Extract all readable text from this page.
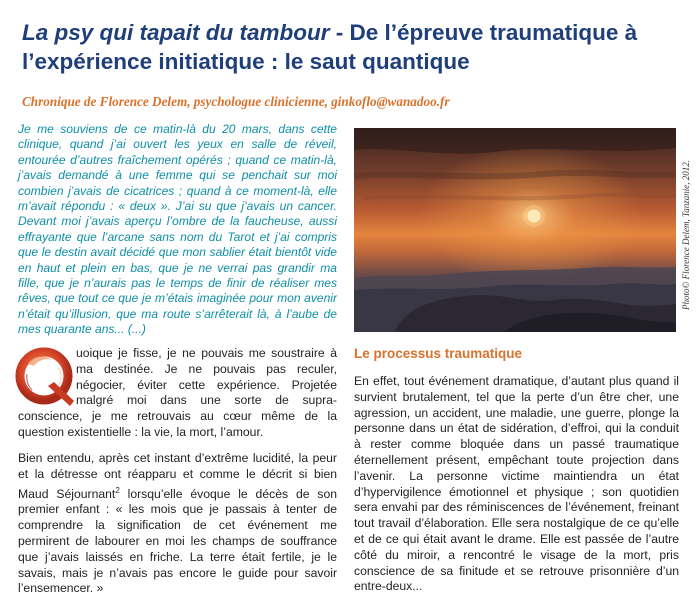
La psy qui tapait du tambour - De l’épreuve traumatique à l’expérience initiatique : le saut quantique
Chronique de Florence Delem, psychologue clinicienne, ginkoflo@wanadoo.fr

Je me souviens de ce matin-là du 20 mars, dans cette clinique, quand j’ai ouvert les yeux en salle de réveil, entourée d’autres fraîchement opérés ; quand ce matin-là, j’avais demandé à une femme qui se penchait sur moi combien j’avais de cicatrices ; quand à ce moment-là, elle m’avait répondu : « deux ». J’ai su que j’avais un cancer. Devant moi j’avais aperçu l’ombre de la faucheuse, aussi effrayante que l’arcane sans nom du Tarot et j’ai compris que le destin avait décidé que mon sablier était bientôt vide en haut et plein en bas, que je ne verrai pas grandir ma fille, que je n’aurais pas le temps de finir de réaliser mes rêves, que tout ce que je m’étais imaginée pour mon avenir n’était qu’illusion, que ma route s’arrêterait là, à l’aube de mes quarante ans... (...)

uoique je fisse, je ne pouvais me soustraire à ma destinée. Je ne pouvais pas reculer, négocier, éviter cette expérience. Projetée malgré moi dans une sorte de supra-conscience, je me retrouvais au cœur même de la question existentielle : la vie, la mort, l’amour.

Bien entendu, après cet instant d’extrême lucidité, la peur et la détresse ont réapparu et comme le décrit si bien Maud Séjournant$^2$ lorsqu’elle évoque le décès de son premier enfant : « les mois que je passais à tenter de comprendre la signification de cet événement me permirent de labourer en moi les champs de souffrance que j’avais laissés en friche. La terre était fertile, je le savais, mais je n’avais pas encore le guide pour savoir l’ensemencer. »

Photo© Florence Delem, Tanzanie, 2012.
Le processus traumatique

En effet, tout événement dramatique, d’autant plus quand il survient brutalement, tel que la perte d’un être cher, une agression, un accident, une maladie, une guerre, plonge la personne dans un état de sidération, d’effroi, qui la conduit à rester comme bloquée dans un passé traumatique éternellement présent, empêchant toute projection dans l’avenir. La personne victime maintiendra un état d’hypervigilence émotionnel et physique ; son quotidien sera envahi par des réminiscences de l’événement, freinant tout travail d’élaboration. Elle sera nostalgique de ce qu’elle et de ce qui était avant le drame. Elle est passée de l’autre côté du miroir, a rencontré le visage de la mort, pris conscience de sa finitude et se retrouve prisonnière d’un entre-deux...
